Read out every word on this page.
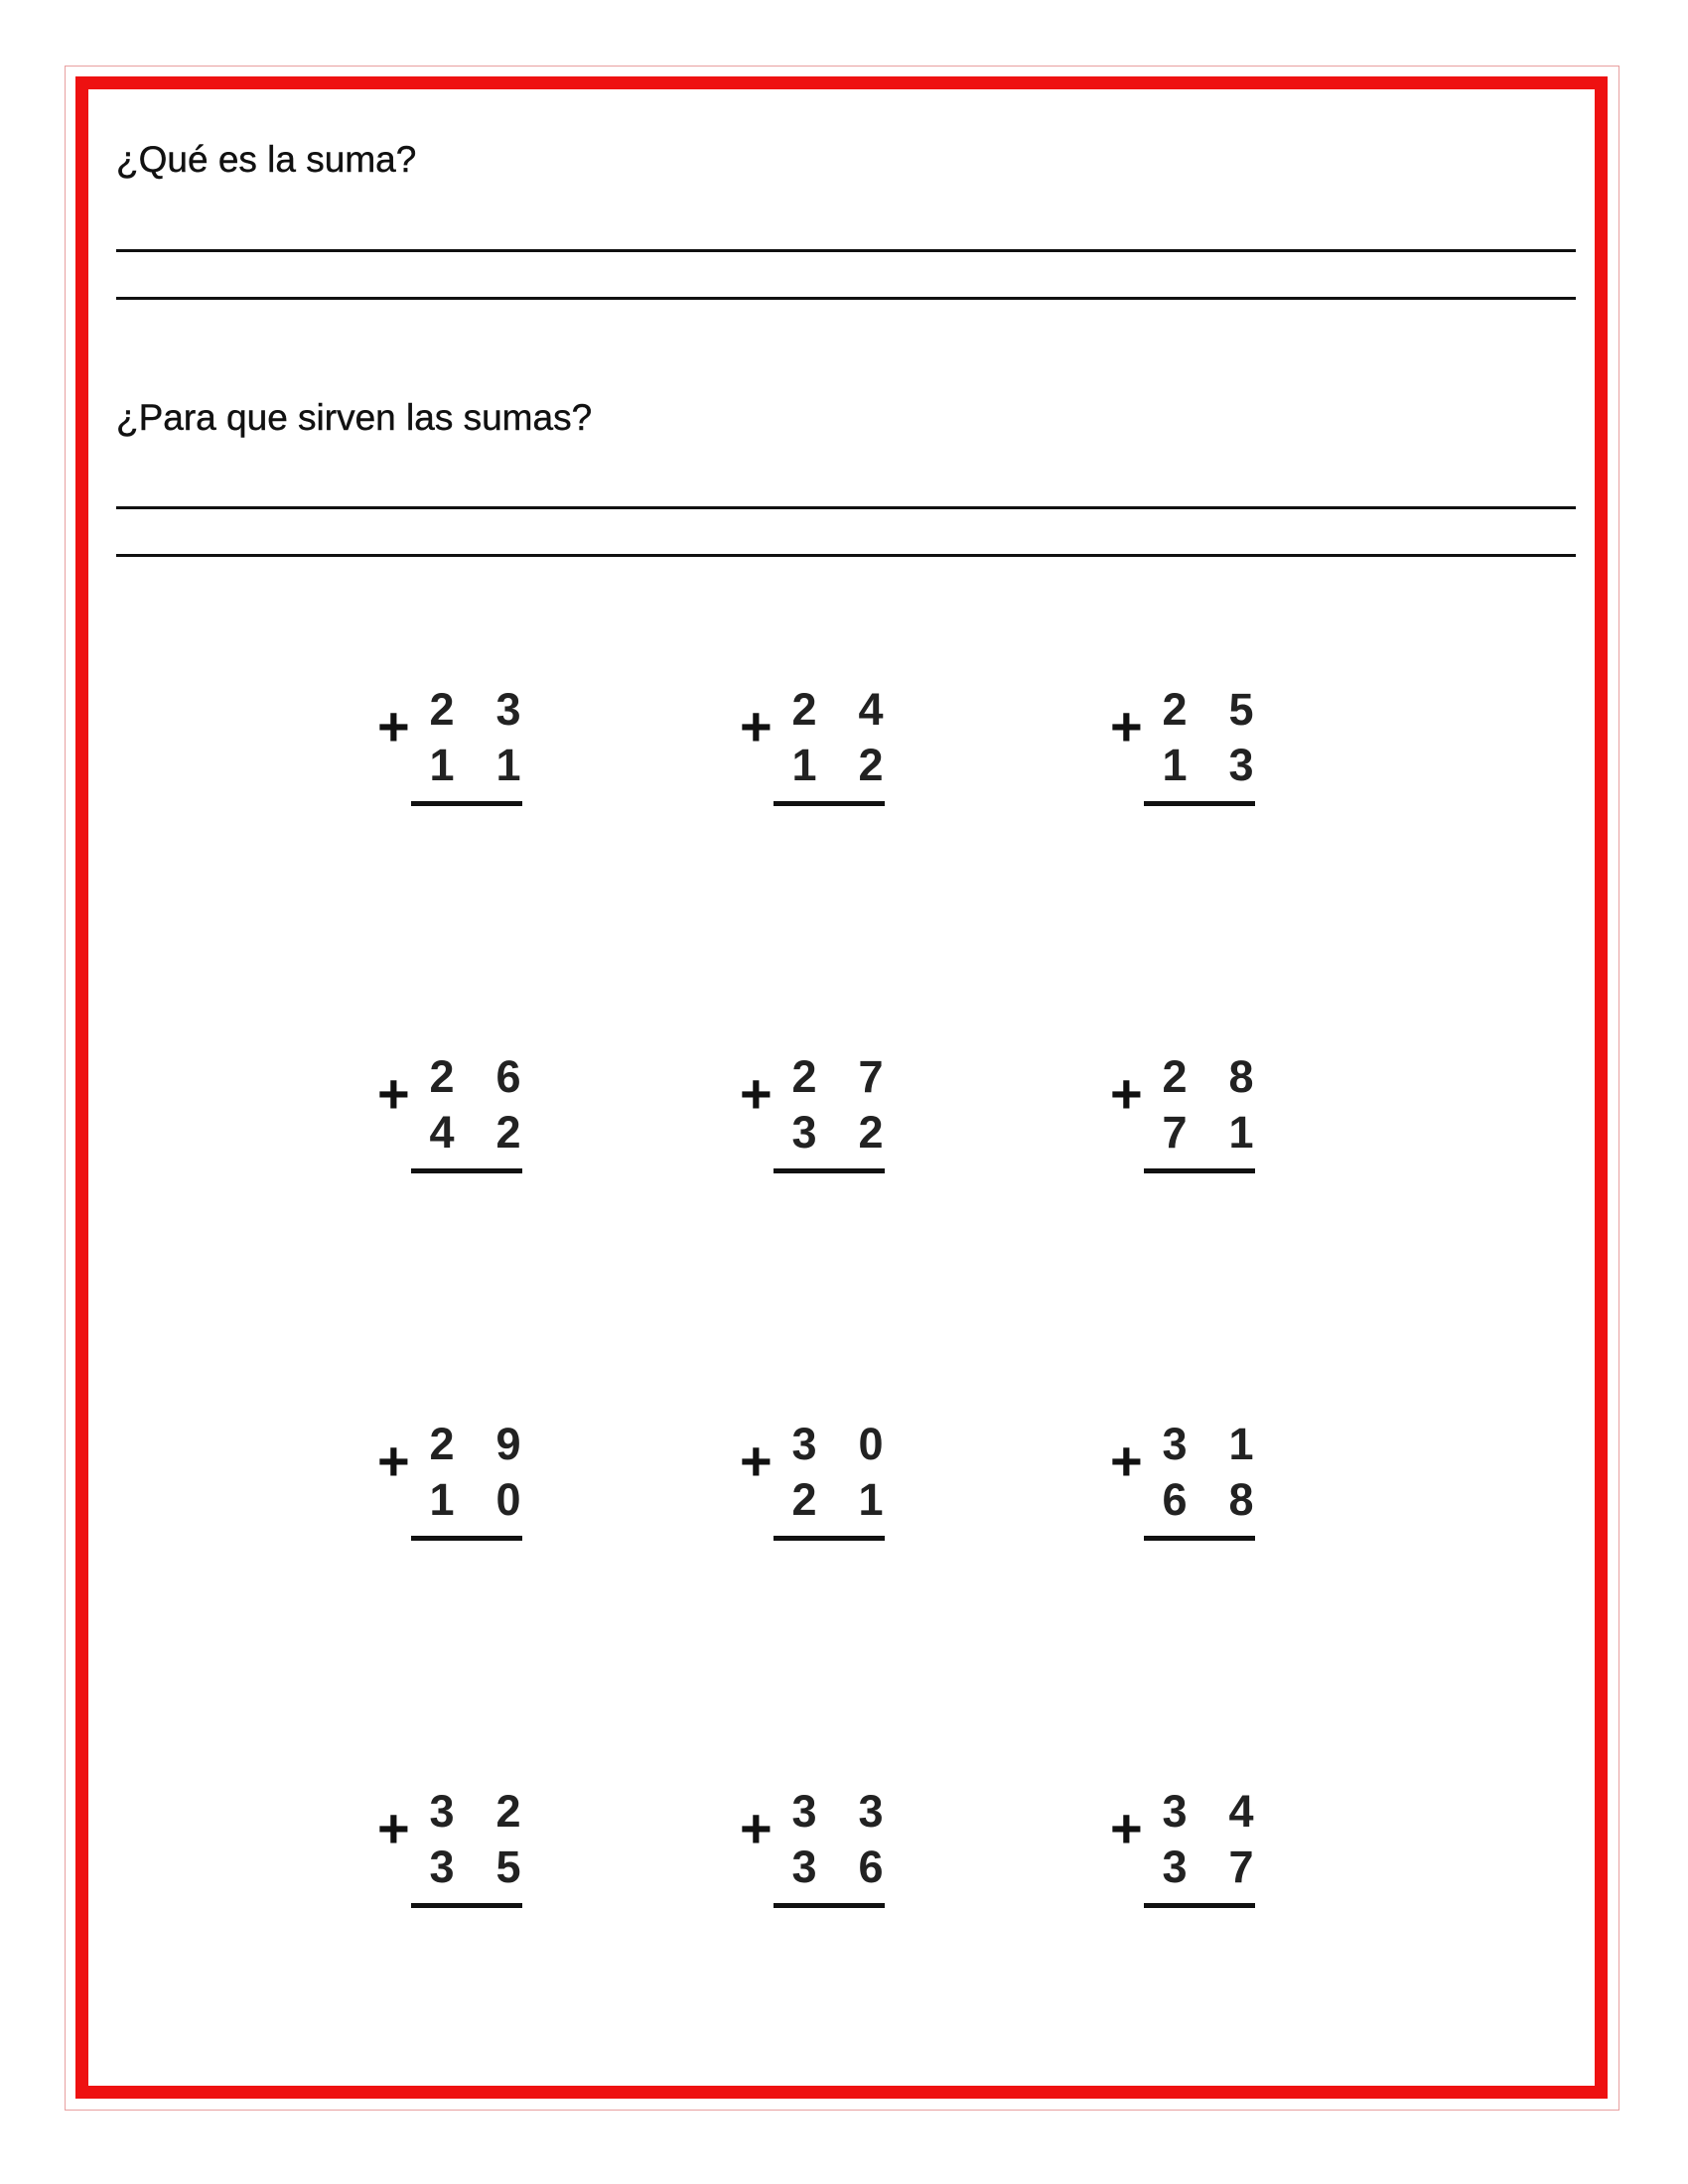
¿Qué es la suma?

¿Para que sirven las sumas?

+ 2 3
1 1
+ 2 4
1 2
+ 2 5
1 3
+ 2 6
4 2
+ 2 7
3 2
+ 2 8
7 1
+ 2 9
1 0
+ 3 0
2 1
+ 3 1
6 8
+ 3 2
3 5
+ 3 3
3 6
+ 3 4
3 7
